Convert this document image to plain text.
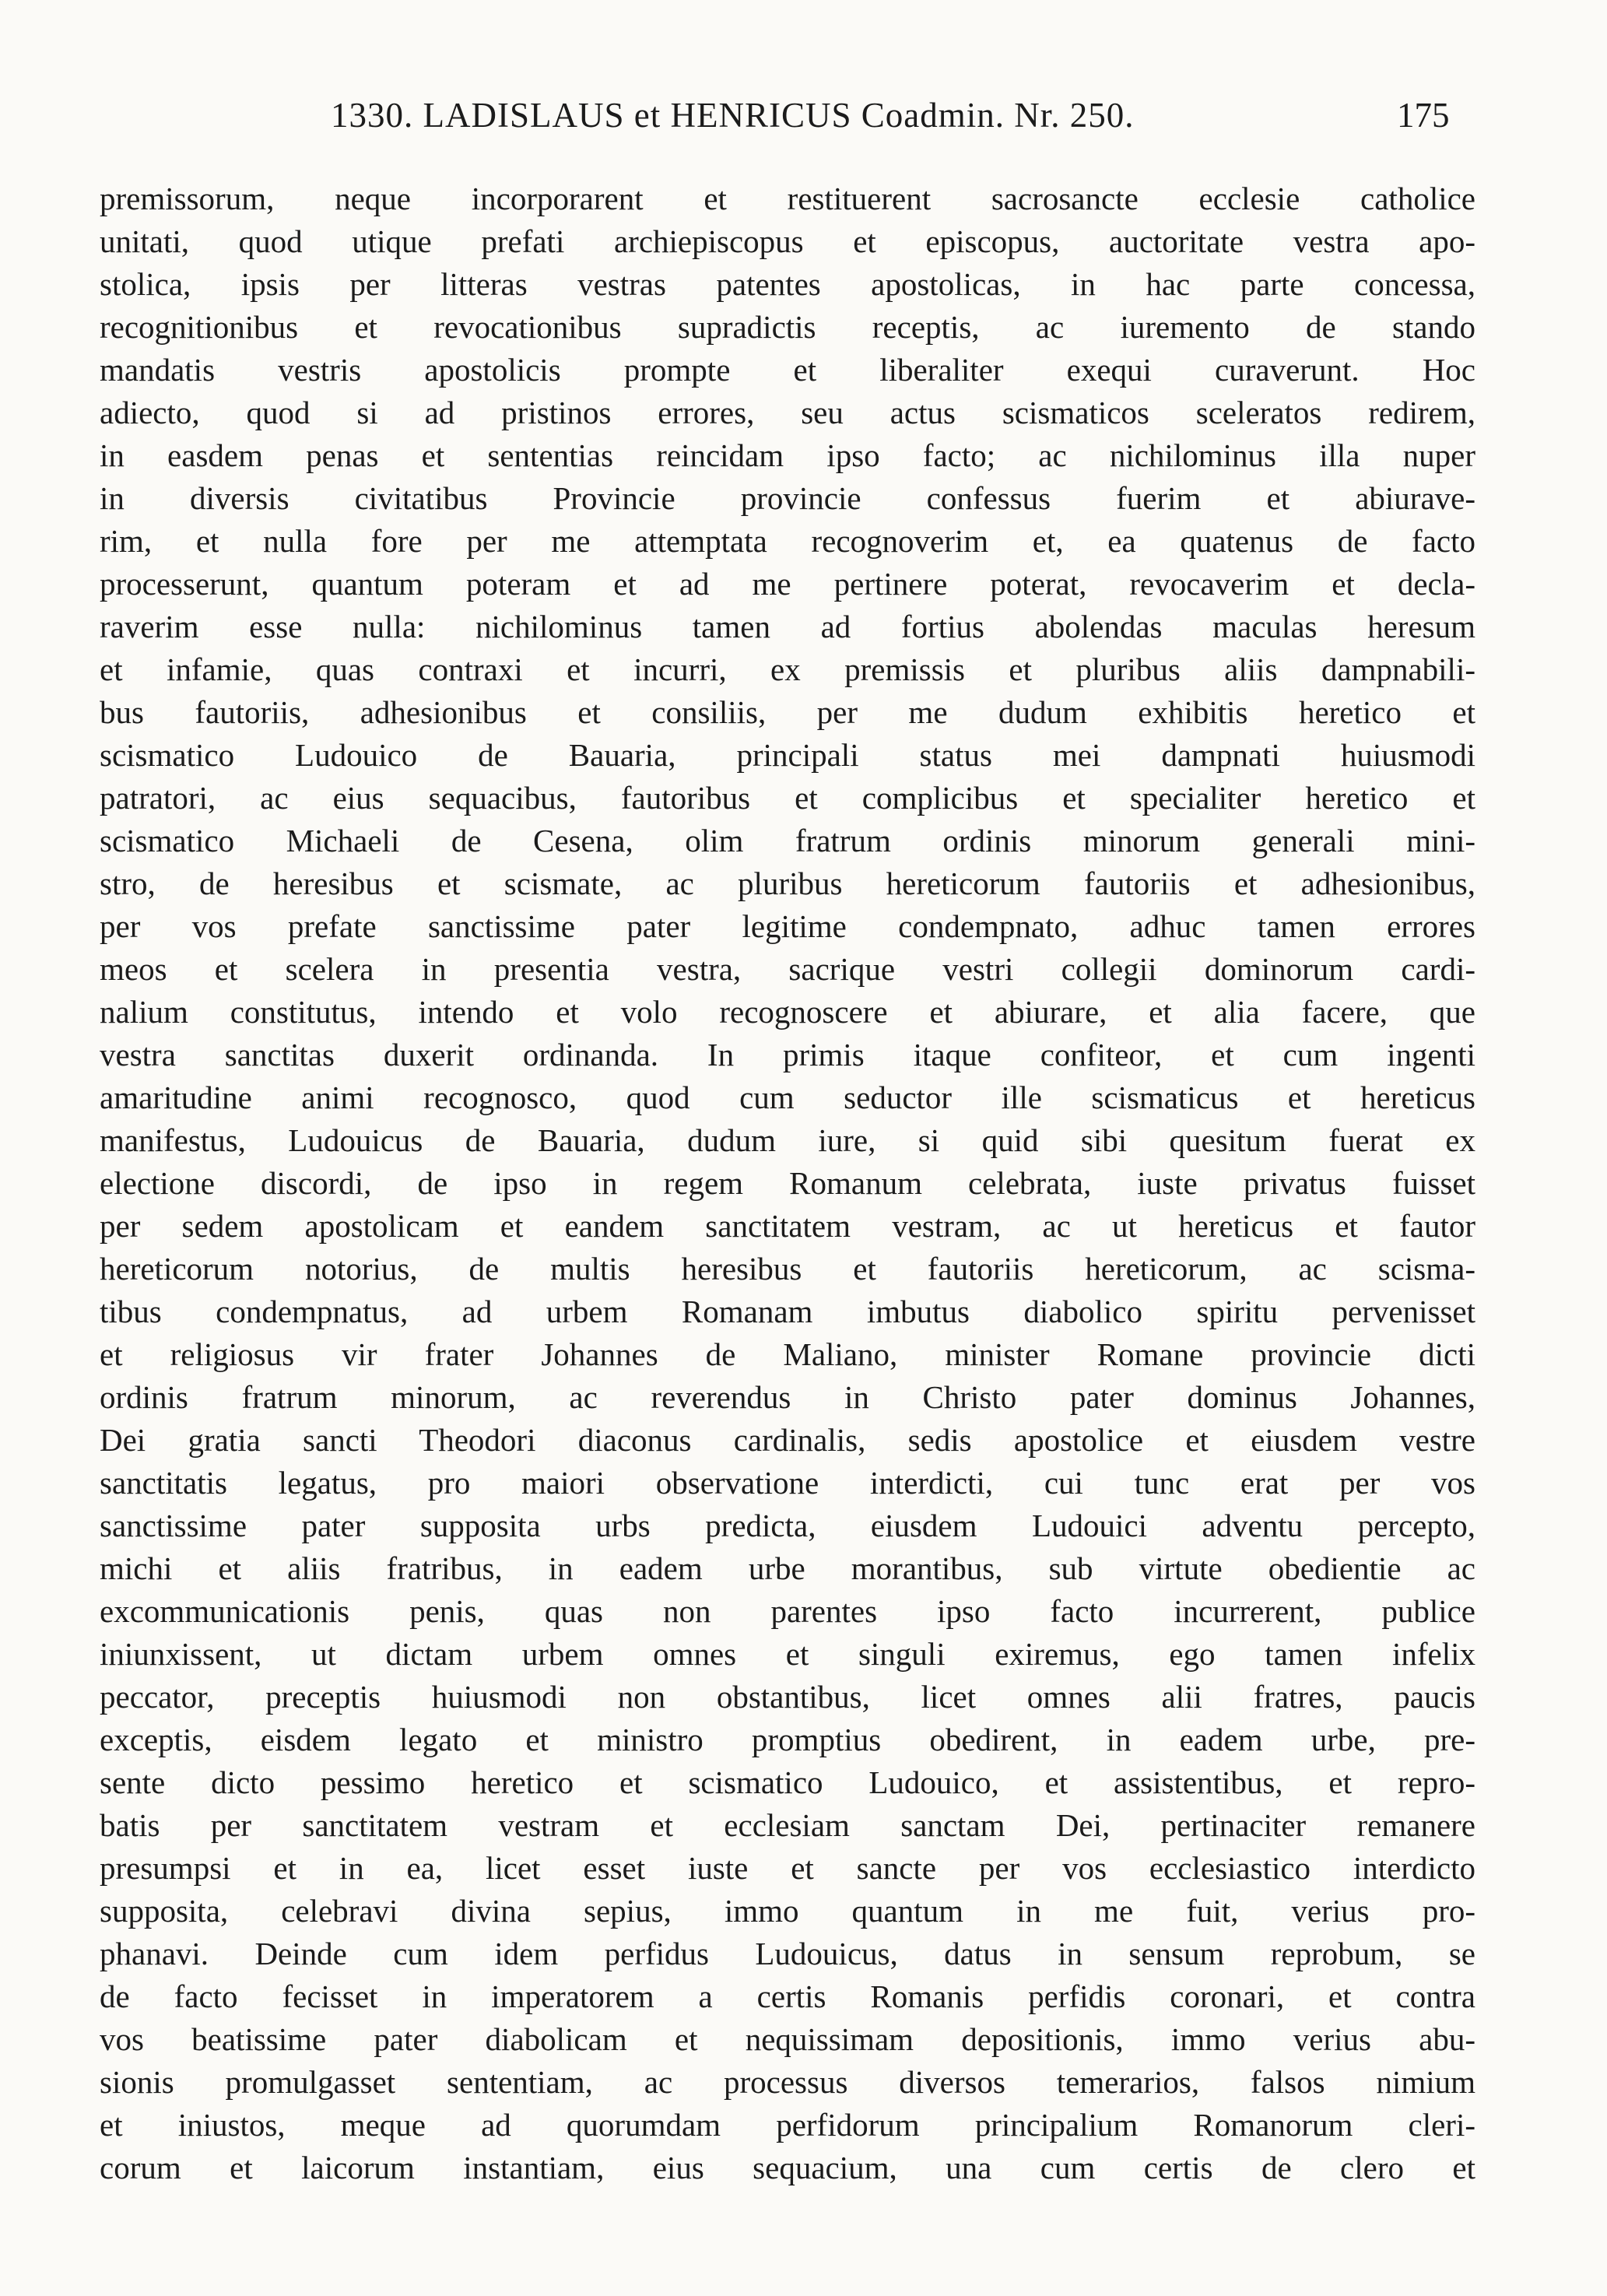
1330. LADISLAUS et HENRICUS Coadmin. Nr. 250.	175
premissorum, neque incorporarent et restituerent sacrosancte ecclesie catholice
unitati, quod utique prefati archiepiscopus et episcopus, auctoritate vestra apo-
stolica, ipsis per litteras vestras patentes apostolicas, in hac parte concessa,
recognitionibus et revocationibus supradictis receptis, ac iuremento de stando
mandatis vestris apostolicis prompte et liberaliter exequi curaverunt. Hoc
adiecto, quod si ad pristinos errores, seu actus scismaticos sceleratos redirem,
in easdem penas et sententias reincidam ipso facto; ac nichilominus illa nuper
in diversis civitatibus Provincie provincie confessus fuerim et abiurave-
rim, et nulla fore per me attemptata recognoverim et, ea quatenus de facto
processerunt, quantum poteram et ad me pertinere poterat, revocaverim et decla-
raverim esse nulla: nichilominus tamen ad fortius abolendas maculas heresum
et infamie, quas contraxi et incurri, ex premissis et pluribus aliis dampnabili-
bus fautoriis, adhesionibus et consiliis, per me dudum exhibitis heretico et
scismatico Ludouico de Bauaria, principali status mei dampnati huiusmodi
patratori, ac eius sequacibus, fautoribus et complicibus et specialiter heretico et
scismatico Michaeli de Cesena, olim fratrum ordinis minorum generali mini-
stro, de heresibus et scismate, ac pluribus hereticorum fautoriis et adhesionibus,
per vos prefate sanctissime pater legitime condempnato, adhuc tamen errores
meos et scelera in presentia vestra, sacrique vestri collegii dominorum cardi-
nalium constitutus, intendo et volo recognoscere et abiurare, et alia facere, que
vestra sanctitas duxerit ordinanda. In primis itaque confiteor, et cum ingenti
amaritudine animi recognosco, quod cum seductor ille scismaticus et hereticus
manifestus, Ludouicus de Bauaria, dudum iure, si quid sibi quesitum fuerat ex
electione discordi, de ipso in regem Romanum celebrata, iuste privatus fuisset
per sedem apostolicam et eandem sanctitatem vestram, ac ut hereticus et fautor
hereticorum notorius, de multis heresibus et fautoriis hereticorum, ac scisma-
tibus condempnatus, ad urbem Romanam imbutus diabolico spiritu pervenisset
et religiosus vir frater Johannes de Maliano, minister Romane provincie dicti
ordinis fratrum minorum, ac reverendus in Christo pater dominus Johannes,
Dei gratia sancti Theodori diaconus cardinalis, sedis apostolice et eiusdem vestre
sanctitatis legatus, pro maiori observatione interdicti, cui tunc erat per vos
sanctissime pater supposita urbs predicta, eiusdem Ludouici adventu percepto,
michi et aliis fratribus, in eadem urbe morantibus, sub virtute obedientie ac
excommunicationis penis, quas non parentes ipso facto incurrerent, publice
iniunxissent, ut dictam urbem omnes et singuli exiremus, ego tamen infelix
peccator, preceptis huiusmodi non obstantibus, licet omnes alii fratres, paucis
exceptis, eisdem legato et ministro promptius obedirent, in eadem urbe, pre-
sente dicto pessimo heretico et scismatico Ludouico, et assistentibus, et repro-
batis per sanctitatem vestram et ecclesiam sanctam Dei, pertinaciter remanere
presumpsi et in ea, licet esset iuste et sancte per vos ecclesiastico interdicto
supposita, celebravi divina sepius, immo quantum in me fuit, verius pro-
phanavi. Deinde cum idem perfidus Ludouicus, datus in sensum reprobum, se
de facto fecisset in imperatorem a certis Romanis perfidis coronari, et contra
vos beatissime pater diabolicam et nequissimam depositionis, immo verius abu-
sionis promulgasset sententiam, ac processus diversos temerarios, falsos nimium
et iniustos, meque ad quorumdam perfidorum principalium Romanorum cleri-
corum et laicorum instantiam, eius sequacium, una cum certis de clero et
